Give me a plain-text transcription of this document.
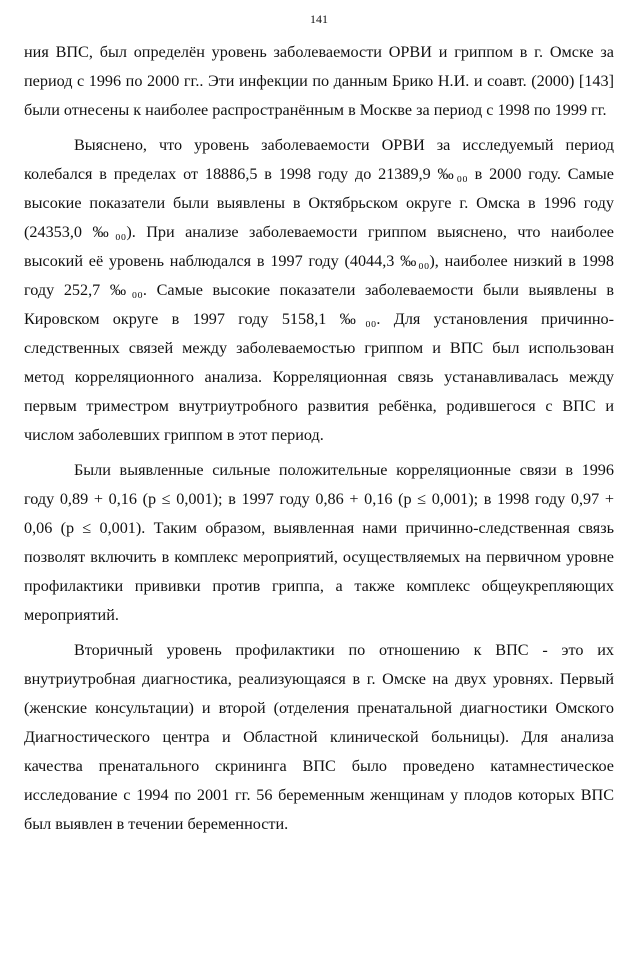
141

ния ВПС, был определён уровень заболеваемости ОРВИ и гриппом в г. Омске за период с 1996 по 2000 гг.. Эти инфекции по данным Брико Н.И. и соавт. (2000) [143] были отнесены к наиболее распространённым в Москве за период с 1998 по 1999 гг.

Выяснено, что уровень заболеваемости ОРВИ за исследуемый период колебался в пределах от 18886,5 в 1998 году до 21389,9 ‰₀₀ в 2000 году. Самые высокие показатели были выявлены в Октябрьском округе г. Омска в 1996 году (24353,0 ‰₀₀). При анализе заболеваемости гриппом выяснено, что наиболее высокий её уровень наблюдался в 1997 году (4044,3 ‰₀₀), наиболее низкий в 1998 году 252,7 ‰₀₀. Самые высокие показатели заболеваемости были выявлены в Кировском округе в 1997 году 5158,1 ‰₀₀. Для установления причинно-следственных связей между заболеваемостью гриппом и ВПС был использован метод корреляционного анализа. Корреляционная связь устанавливалась между первым триместром внутриутробного развития ребёнка, родившегося с ВПС и числом заболевших гриппом в этот период.

Были выявленные сильные положительные корреляционные связи в 1996 году 0,89 + 0,16 (р ≤ 0,001); в 1997 году 0,86 + 0,16 (р ≤ 0,001); в 1998 году 0,97 + 0,06 (р ≤ 0,001). Таким образом, выявленная нами причинно-следственная связь позволят включить в комплекс мероприятий, осуществляемых на первичном уровне профилактики прививки против гриппа, а также комплекс общеукрепляющих мероприятий.

Вторичный уровень профилактики по отношению к ВПС - это их внутриутробная диагностика, реализующаяся в г. Омске на двух уровнях. Первый (женские консультации) и второй (отделения пренатальной диагностики Омского Диагностического центра и Областной клинической больницы). Для анализа качества пренатального скрининга ВПС было проведено катамнестическое исследование с 1994 по 2001 гг. 56 беременным женщинам у плодов которых ВПС был выявлен в течении беременности.
